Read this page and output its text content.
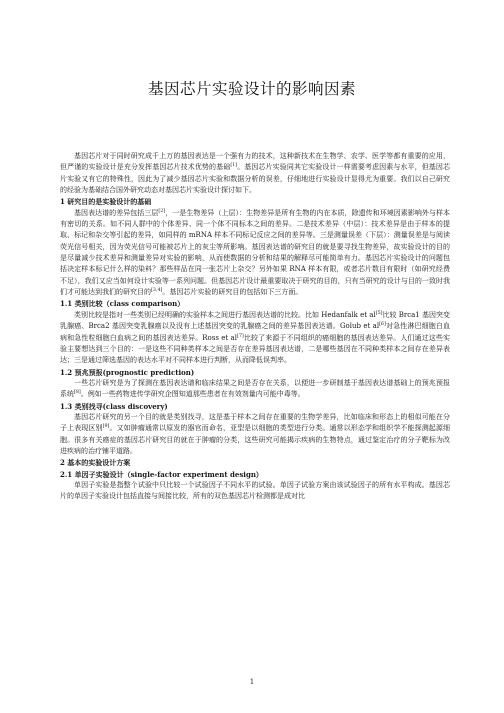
基因芯片实验设计的影响因素

基因芯片对于同时研究成千上万的基因表达是一个强有力的技术，这种新技术在生物学、农学、医学等都有重要的应用，但严谨的实验设计是充分发挥基因芯片技术优势的基础[1]。基因芯片实验同其它实验设计一样需要考虑因素与水平，但基因芯片实验又有它的特殊性，因此为了减少基因芯片实验和数据分析的误差，仔细地进行实验设计显得尤为重要。我们以自己研究的经验为基础结合国外研究动态对基因芯片实验设计探讨如下。

1 研究目的是实验设计的基础

基因表达谱的差异包括三层[2]，一是生物差异（上层）：生物差异是所有生物的内在本质，除遗传和环境因素影响外与样本有密切的关系。如不同人群中的个体差异、同一个体不同标本之间的差异。二是技术差异（中层）：技术差异是由于样本的提取、标记和杂交等引起的差异，如同样的 mRNA 样本不同标记反应之间的差异等。三是测量误差（下层）：测量误差是与阅读荧光信号相关，因为荧光信号可能被芯片上的灰尘等所影响。基因表达谱的研究目的就是要寻找生物差异，故实验设计的目的是尽量减少技术差异和测量差异对实验的影响，从而使数据的分析和结果的解释尽可能简单有力。基因芯片实验设计的问题包括决定样本标记什么样的染料？那些样品在同一张芯片上杂交？另外如果 RNA 样本有限，或者芯片数目有限时（如研究经费不足），我们又应当如何设计实验等一系列问题。但基因芯片设计最重要取决于研究的目的，只有当研究的设计与目的一致时我们才可能达到我们的研究目的[3,4]。基因芯片实验的研究目的包括如下三方面。

1.1 类别比较（class comparison）

类别比较是指对一些类别已经明确的实验样本之间进行基因表达谱的比较。比如 Hedanfalk et al[5]比较 Brca1 基因突变乳腺癌、Brca2 基因突变乳腺癌以及没有上述基因突变的乳腺癌之间的差异基因表达谱。Golub et al[6]对急性淋巴细胞白血病和急性粒细胞白血病之间的基因表达差异。Ross et al[7]比较了来源于不同组织的癌细胞的基因表达差异。人们通过这些实验主要想达到三个目的：一是这些不同种类样本之间是否存在差异基因表达谱，二是哪些基因在不同种类样本之间存在差异表达；三是通过筛选基因的表达水平对不同样本进行判断，从而降低误判率。

1.2 预兆预报(prognostic prediction)

一些芯片研究是为了探测在基因表达谱和临床结果之间是否存在关系，以便进一步研制基于基因表达谱基础上的预兆预报系统[8]。例如一些药物进传学研究企图知道那些患者在有效剂量内可能中毒等。

1.3 类别找寻(class discovery)

基因芯片研究的另一个目的就是类别找寻，这是基于样本之间存在重要的生物学差异，比如临床和形态上的相似可能在分子上表现区别[9]。又如肿瘤通常以原发的器官而命名，亚型是以细胞的类型进行分类。通常以形态学和组织学不能探测起源细胞。很多有关癌症的基因芯片研究目的就在于肿瘤的分类，这些研究可能揭示疾病的生物特点，通过鉴定治疗的分子靶标为改进疾病的治疗铺平道路。

2 基本的实验设计方案
2.1 单因子实验设计（single-factor experiment design）

单因子实验是指整个试验中只比较一个试验因子不同水平的试验。单因子试验方案由该试验因子的所有水平构成。基因芯片的单因子实验设计包括直接与间接比较，所有的双色基因芯片检测都是成对比

1
